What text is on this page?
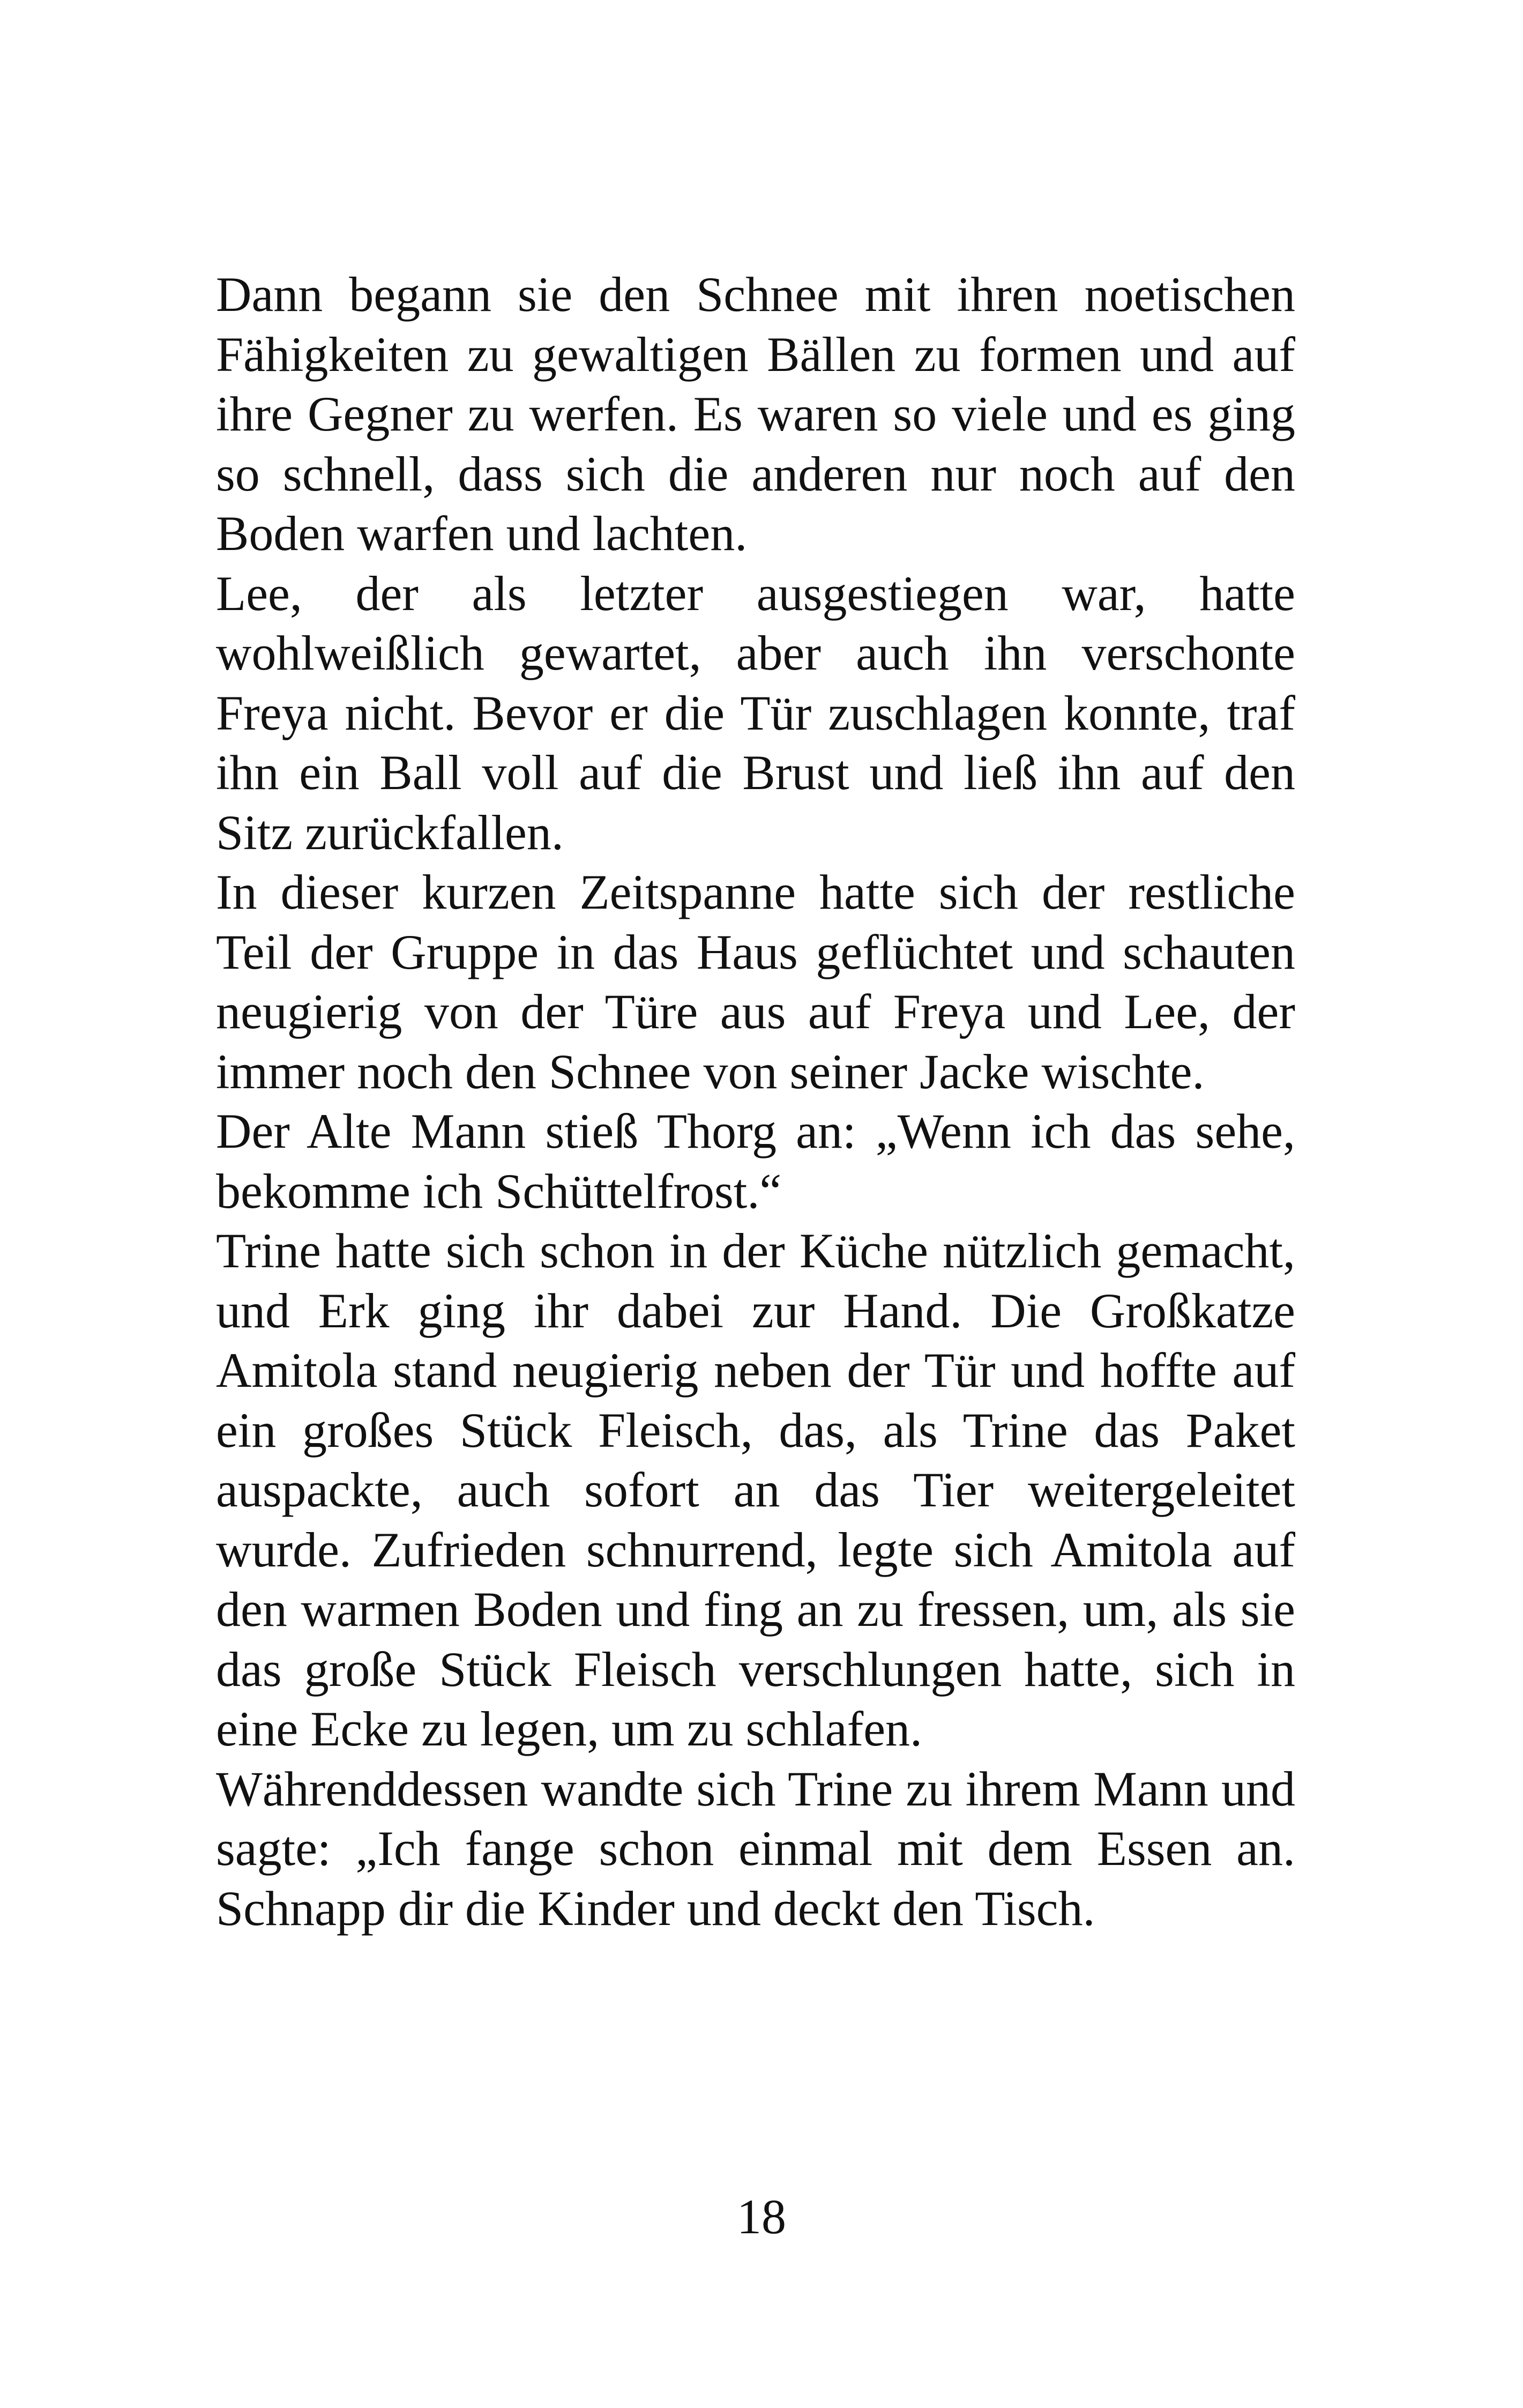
Dann begann sie den Schnee mit ihren noetischen Fähigkeiten zu gewaltigen Bällen zu formen und auf ihre Gegner zu werfen. Es waren so viele und es ging so schnell, dass sich die anderen nur noch auf den Boden warfen und lachten.

Lee, der als letzter ausgestiegen war, hatte wohlweißlich gewartet, aber auch ihn verschonte Freya nicht. Bevor er die Tür zuschlagen konnte, traf ihn ein Ball voll auf die Brust und ließ ihn auf den Sitz zurückfallen.

In dieser kurzen Zeitspanne hatte sich der restliche Teil der Gruppe in das Haus geflüchtet und schauten neugierig von der Türe aus auf Freya und Lee, der immer noch den Schnee von seiner Jacke wischte.

Der Alte Mann stieß Thorg an: „Wenn ich das sehe, bekomme ich Schüttelfrost.“

Trine hatte sich schon in der Küche nützlich gemacht, und Erk ging ihr dabei zur Hand. Die Großkatze Amitola stand neugierig neben der Tür und hoffte auf ein großes Stück Fleisch, das, als Trine das Paket auspackte, auch sofort an das Tier weitergeleitet wurde. Zufrieden schnurrend, legte sich Amitola auf den warmen Boden und fing an zu fressen, um, als sie das große Stück Fleisch verschlungen hatte, sich in eine Ecke zu legen, um zu schlafen.

Währenddessen wandte sich Trine zu ihrem Mann und sagte: „Ich fange schon einmal mit dem Essen an. Schnapp dir die Kinder und deckt den Tisch.

18
